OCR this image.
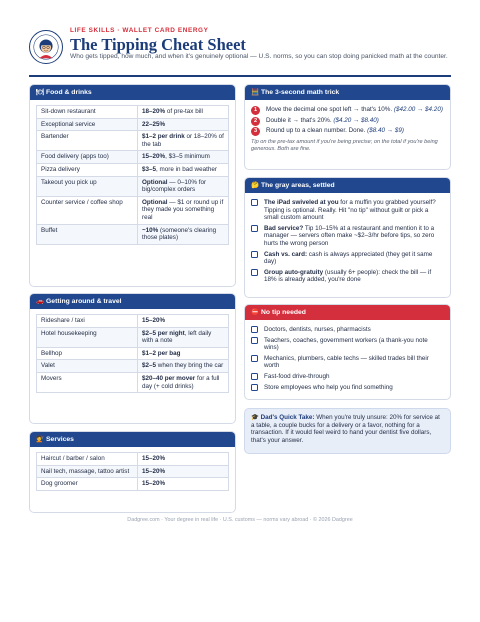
LIFE SKILLS · WALLET CARD ENERGY
The Tipping Cheat Sheet
Who gets tipped, how much, and when it's genuinely optional — U.S. norms, so you can stop doing panicked math at the counter.
🍽 Food & drinks
Sit-down restaurant	18–20% of pre-tax bill
Exceptional service	22–25%
Bartender	$1–2 per drink or 18–20% of the tab
Food delivery (apps too)	15–20%, $3–5 minimum
Pizza delivery	$3–5, more in bad weather
Takeout you pick up	Optional — 0–10% for big/complex orders
Counter service / coffee shop	Optional — $1 or round up if they made you something real
Buffet	~10% (someone's clearing those plates)
🚗 Getting around & travel
Rideshare / taxi	15–20%
Hotel housekeeping	$2–5 per night, left daily with a note
Bellhop	$1–2 per bag
Valet	$2–5 when they bring the car
Movers	$20–40 per mover for a full day (+ cold drinks)
💇 Services
Haircut / barber / salon	15–20%
Nail tech, massage, tattoo artist	15–20%
Dog groomer	15–20%
🧮 The 3-second math trick
1	Move the decimal one spot left → that's 10%. ($42.00 → $4.20)
2	Double it → that's 20%. ($4.20 → $8.40)
3	Round up to a clean number. Done. ($8.40 → $9)
Tip on the pre-tax amount if you're being precise; on the total if you're being generous. Both are fine.
🤔 The gray areas, settled
The iPad swiveled at you for a muffin you grabbed yourself? Tipping is optional. Really. Hit "no tip" without guilt or pick a small custom amount
Bad service? Tip 10–15% at a restaurant and mention it to a manager — servers often make ~$2–3/hr before tips, so zero hurts the wrong person
Cash vs. card: cash is always appreciated (they get it same day)
Group auto-gratuity (usually 6+ people): check the bill — if 18% is already added, you're done
⛔ No tip needed
Doctors, dentists, nurses, pharmacists
Teachers, coaches, government workers (a thank-you note wins)
Mechanics, plumbers, cable techs — skilled trades bill their worth
Fast-food drive-through
Store employees who help you find something
🎓 Dad's Quick Take: When you're truly unsure: 20% for service at a table, a couple bucks for a delivery or a favor, nothing for a transaction. If it would feel weird to hand your dentist five dollars, that's your answer.
Dadgree.com · Your degree in real life · U.S. customs — norms vary abroad · © 2026 Dadgree
